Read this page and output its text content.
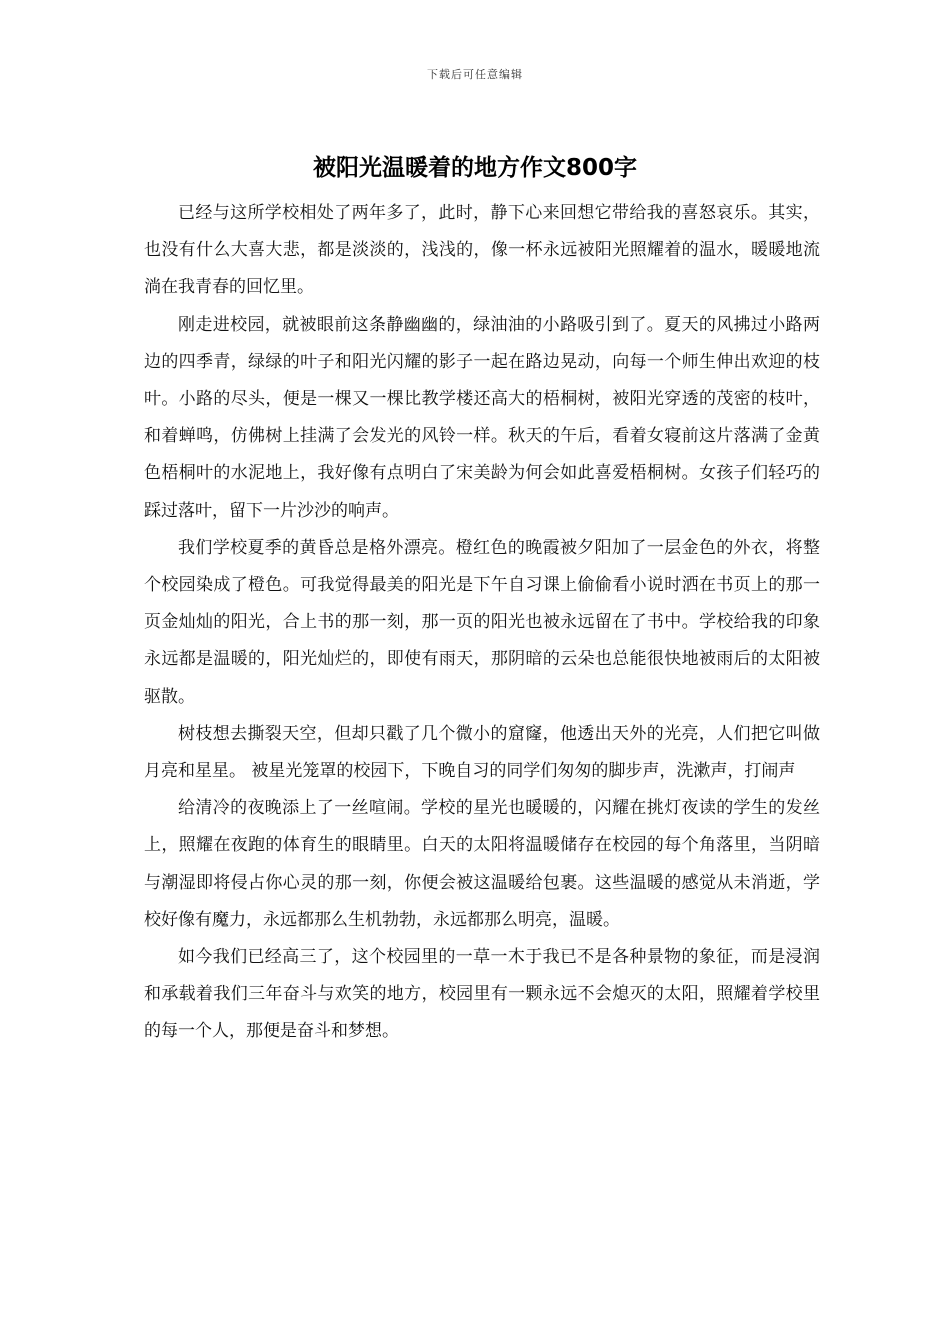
下载后可任意编辑
被阳光温暖着的地方作文800字

已经与这所学校相处了两年多了，此时，静下心来回想它带给我的喜怒哀乐。其实，也没有什么大喜大悲，都是淡淡的，浅浅的，像一杯永远被阳光照耀着的温水，暖暖地流淌在我青春的回忆里。

刚走进校园，就被眼前这条静幽幽的，绿油油的小路吸引到了。夏天的风拂过小路两边的四季青，绿绿的叶子和阳光闪耀的影子一起在路边晃动，向每一个师生伸出欢迎的枝叶。小路的尽头，便是一棵又一棵比教学楼还高大的梧桐树，被阳光穿透的茂密的枝叶，和着蝉鸣，仿佛树上挂满了会发光的风铃一样。秋天的午后，看着女寝前这片落满了金黄色梧桐叶的水泥地上，我好像有点明白了宋美龄为何会如此喜爱梧桐树。女孩子们轻巧的踩过落叶，留下一片沙沙的响声。

我们学校夏季的黄昏总是格外漂亮。橙红色的晚霞被夕阳加了一层金色的外衣，将整个校园染成了橙色。可我觉得最美的阳光是下午自习课上偷偷看小说时洒在书页上的那一页金灿灿的阳光，合上书的那一刻，那一页的阳光也被永远留在了书中。学校给我的印象永远都是温暖的，阳光灿烂的，即使有雨天，那阴暗的云朵也总能很快地被雨后的太阳被驱散。

树枝想去撕裂天空，但却只戳了几个微小的窟窿，他透出天外的光亮，人们把它叫做月亮和星星。 被星光笼罩的校园下，下晚自习的同学们匆匆的脚步声，洗漱声，打闹声

给清冷的夜晚添上了一丝喧闹。学校的星光也暖暖的，闪耀在挑灯夜读的学生的发丝上，照耀在夜跑的体育生的眼睛里。白天的太阳将温暖储存在校园的每个角落里，当阴暗与潮湿即将侵占你心灵的那一刻，你便会被这温暖给包裹。这些温暖的感觉从未消逝，学校好像有魔力，永远都那么生机勃勃，永远都那么明亮，温暖。

如今我们已经高三了，这个校园里的一草一木于我已不是各种景物的象征，而是浸润和承载着我们三年奋斗与欢笑的地方，校园里有一颗永远不会熄灭的太阳，照耀着学校里的每一个人，那便是奋斗和梦想。
